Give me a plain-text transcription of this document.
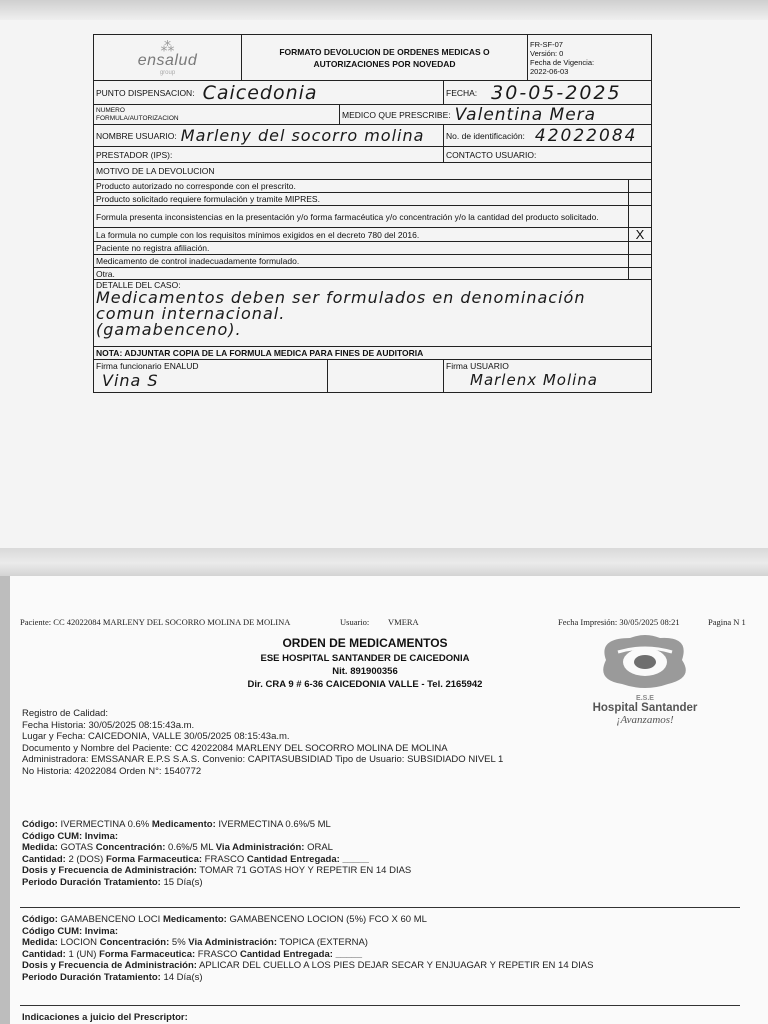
⁂
ensalud
group
FORMATO DEVOLUCION DE ORDENES MEDICAS O AUTORIZACIONES POR NOVEDAD
FR-SF-07
Versión: 0
Fecha de Vigencia:
2022-06-03
PUNTO DISPENSACION: Caicedonia	FECHA: 30-05-2025
NUMERO
FORMULA/AUTORIZACION	MEDICO QUE PRESCRIBE: Valentina Mera
NOMBRE USUARIO: Marleny del socorro molina	No. de identificación: 42022084
PRESTADOR (IPS):	CONTACTO USUARIO:
MOTIVO DE LA DEVOLUCION
Producto autorizado no corresponde con el prescrito.
Producto solicitado requiere formulación y tramite MIPRES.
Formula presenta inconsistencias en la presentación y/o forma farmacéutica y/o concentración y/o la cantidad del producto solicitado.
La formula no cumple con los requisitos mínimos exigidos en el decreto 780 del 2016.	X
Paciente no registra afiliación.
Medicamento de control inadecuadamente formulado.
Otra.
DETALLE DEL CASO:
Medicamentos deben ser formulados en denominación
comun internacional.
(gamabenceno).
NOTA: ADJUNTAR COPIA DE LA FORMULA MEDICA PARA FINES DE AUDITORIA
Firma funcionario ENALUD
Vina S
Firma USUARIO
Marlenx Molina
Paciente: CC 42022084 MARLENY DEL SOCORRO MOLINA DE MOLINA	Usuario: VMERA	Fecha Impresión: 30/05/2025 08:21	Pagina N 1
ORDEN DE MEDICAMENTOS
ESE HOSPITAL SANTANDER DE CAICEDONIA
Nit. 891900356
Dir. CRA 9 # 6-36 CAICEDONIA VALLE - Tel. 2165942
E.S.E
Hospital Santander
¡Avanzamos!
Registro de Calidad:
Fecha Historia: 30/05/2025 08:15:43a.m.
Lugar y Fecha: CAICEDONIA, VALLE 30/05/2025 08:15:43a.m.
Documento y Nombre del Paciente: CC 42022084 MARLENY DEL SOCORRO MOLINA DE MOLINA
Administradora: EMSSANAR E.P.S S.A.S. Convenio: CAPITASUBSIDIAD Tipo de Usuario: SUBSIDIADO NIVEL 1
No Historia: 42022084 Orden N°: 1540772
Código: IVERMECTINA 0.6% Medicamento: IVERMECTINA 0.6%/5 ML
Código CUM: Invima:
Medida: GOTAS Concentración: 0.6%/5 ML Via Administración: ORAL
Cantidad: 2 (DOS) Forma Farmaceutica: FRASCO Cantidad Entregada: _____
Dosis y Frecuencia de Administración: TOMAR 71 GOTAS HOY Y REPETIR EN 14 DIAS
Periodo Duración Tratamiento: 15 Día(s)
Código: GAMABENCENO LOCI Medicamento: GAMABENCENO LOCION (5%) FCO X 60 ML
Código CUM: Invima:
Medida: LOCION Concentración: 5% Via Administración: TOPICA (EXTERNA)
Cantidad: 1 (UN) Forma Farmaceutica: FRASCO Cantidad Entregada: _____
Dosis y Frecuencia de Administración: APLICAR DEL CUELLO A LOS PIES DEJAR SECAR Y ENJUAGAR Y REPETIR EN 14 DIAS
Periodo Duración Tratamiento: 14 Día(s)
Indicaciones a juicio del Prescriptor:
